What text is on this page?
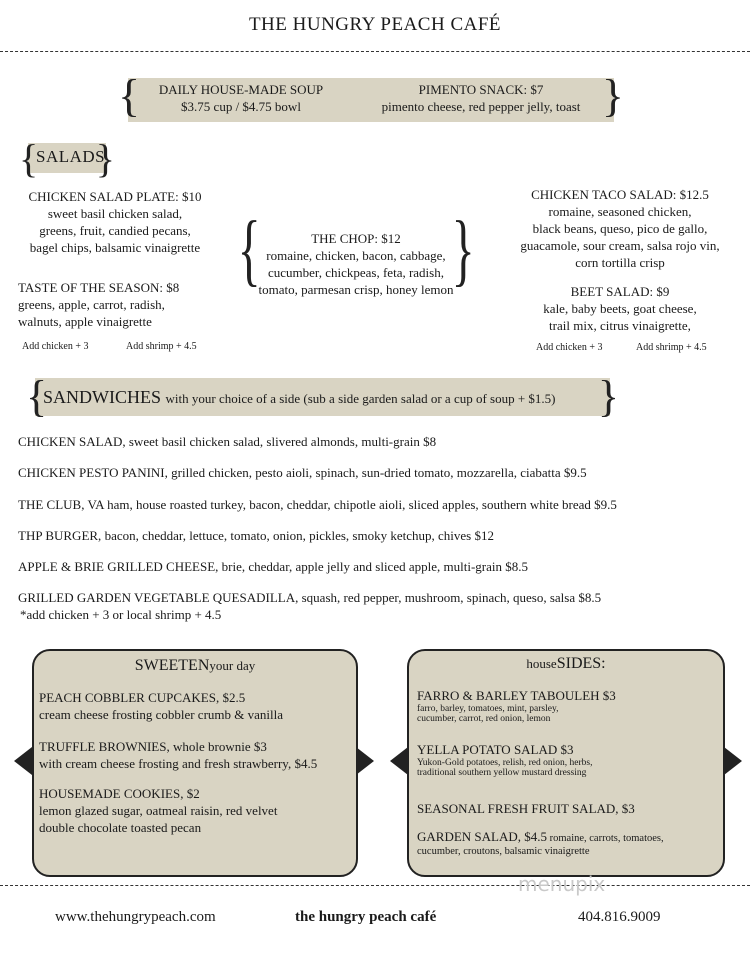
THE HUNGRY PEACH CAFÉ
{	}
DAILY HOUSE-MADE SOUP
$3.75 cup / $4.75 bowl
PIMENTO SNACK: $7
pimento cheese, red pepper jelly, toast
{
SALADS
}
CHICKEN SALAD PLATE: $10
sweet basil chicken salad,
greens, fruit, candied pecans,
bagel chips, balsamic vinaigrette
TASTE OF THE SEASON: $8
greens, apple, carrot, radish,
walnuts, apple vinaigrette
Add chicken + 3	Add shrimp + 4.5
{ }
THE CHOP: $12
romaine, chicken, bacon, cabbage,
cucumber, chickpeas, feta, radish,
tomato, parmesan crisp, honey lemon
CHICKEN TACO SALAD: $12.5
romaine, seasoned chicken,
black beans, queso, pico de gallo,
guacamole, sour cream, salsa rojo vin,
corn tortilla crisp
BEET SALAD: $9
kale, baby beets, goat cheese,
trail mix, citrus vinaigrette,
Add chicken + 3	Add shrimp + 4.5
{
SANDWICHES with your choice of a side (sub a side garden salad or a cup of soup + $1.5) }
CHICKEN SALAD, sweet basil chicken salad, slivered almonds, multi-grain $8
CHICKEN PESTO PANINI, grilled chicken, pesto aioli, spinach, sun-dried tomato, mozzarella, ciabatta $9.5
THE CLUB, VA ham, house roasted turkey, bacon, cheddar, chipotle aioli, sliced apples, southern white bread $9.5
THP BURGER, bacon, cheddar, lettuce, tomato, onion, pickles, smoky ketchup, chives $12
APPLE & BRIE GRILLED CHEESE, brie, cheddar, apple jelly and sliced apple, multi-grain $8.5
GRILLED GARDEN VEGETABLE QUESADILLA, squash, red pepper, mushroom, spinach, queso, salsa $8.5
*add chicken + 3 or local shrimp + 4.5
SWEETENyour day
PEACH COBBLER CUPCAKES, $2.5
cream cheese frosting cobbler crumb & vanilla
TRUFFLE BROWNIES, whole brownie $3
with cream cheese frosting and fresh strawberry, $4.5
HOUSEMADE COOKIES, $2
lemon glazed sugar, oatmeal raisin, red velvet
double chocolate toasted pecan
houseSIDES:
FARRO & BARLEY TABOULEH $3
farro, barley, tomatoes, mint, parsley,
cucumber, carrot, red onion, lemon
YELLA POTATO SALAD $3
Yukon-Gold potatoes, relish, red onion, herbs,
traditional southern yellow mustard dressing
SEASONAL FRESH FRUIT SALAD, $3
GARDEN SALAD, $4.5 romaine, carrots, tomatoes,
cucumber, croutons, balsamic vinaigrette
menupix
www.thehungrypeach.com	the hungry peach café	404.816.9009
